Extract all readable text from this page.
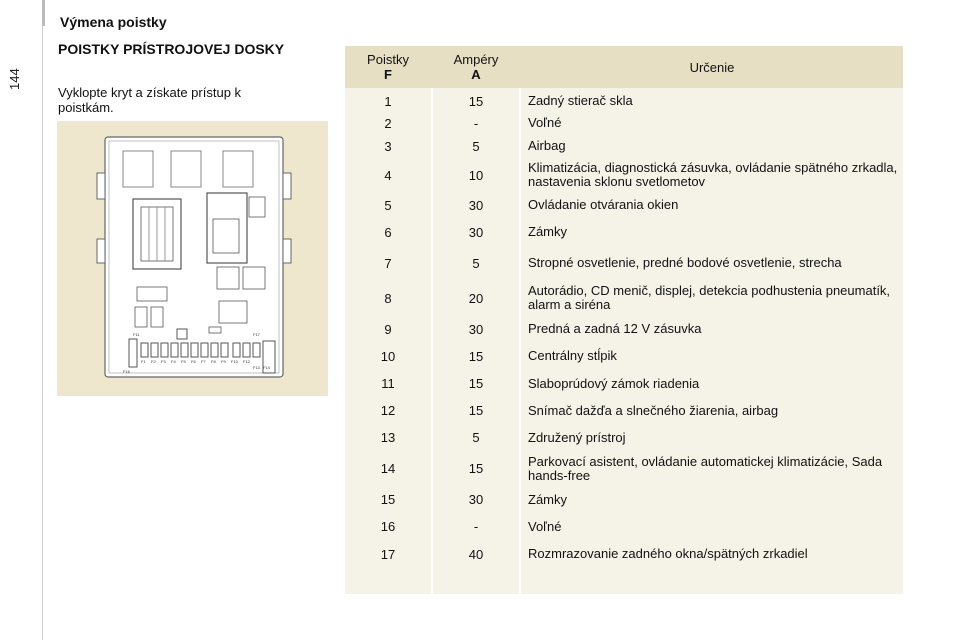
144
Výmena poistky
POISTKY PRÍSTROJOVEJ DOSKY
Vyklopte kryt a získate prístup k poistkám.
F11	F17
F1 F2 F3 F4 F5 F6 F7 F8 F9 F10 F12
F13 F14
F16
Poistky
F
Ampéry
A	Určenie
1	15	Zadný stierač skla
2	-	Voľné
3	5	Airbag
4	10	Klimatizácia, diagnostická zásuvka, ovládanie spätného zrkadla, nastavenia sklonu svetlometov
5	30	Ovládanie otvárania okien
6	30	Zámky
7	5	Stropné osvetlenie, predné bodové osvetlenie, strecha
8	20	Autorádio, CD menič, displej, detekcia podhustenia pneumatík, alarm a siréna
9	30	Predná a zadná 12 V zásuvka
10	15	Centrálny stĺpik
11	15	Slaboprúdový zámok riadenia
12	15	Snímač dažďa a slnečného žiarenia, airbag
13	5	Združený prístroj
14	15	Parkovací asistent, ovládanie automatickej klimatizácie, Sada hands-free
15	30	Zámky
16	-	Voľné
17	40	Rozmrazovanie zadného okna/spätných zrkadiel
